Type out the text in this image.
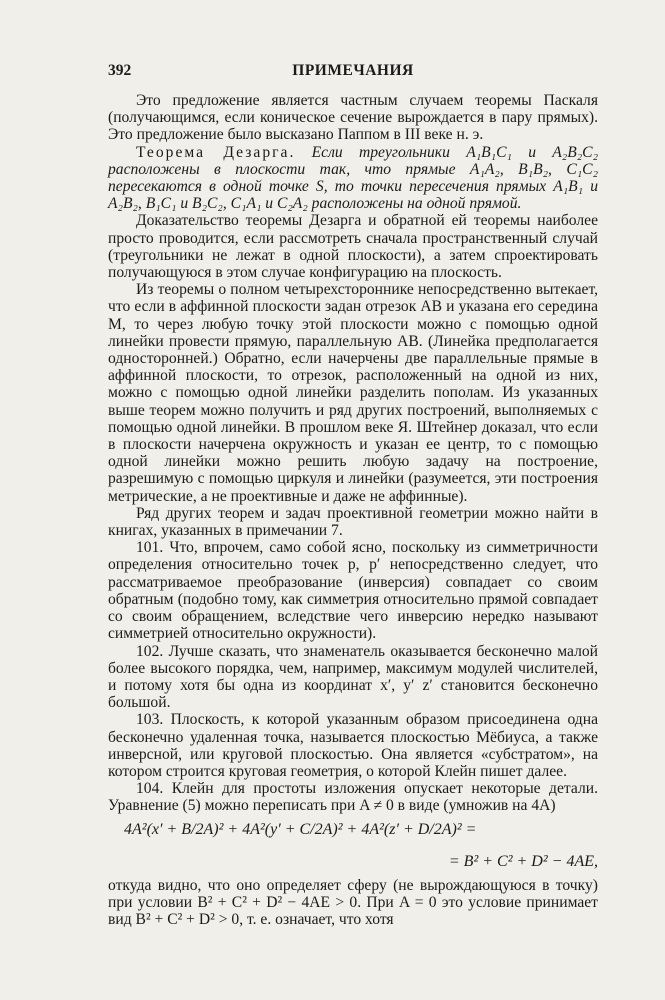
392	ПРИМЕЧАНИЯ

Это предложение является частным случаем теоремы Паскаля (получающимся, если коническое сечение вырождается в пару прямых). Это предложение было высказано Паппом в III веке н. э.

Теорема Дезарга. Если треугольники A₁B₁C₁ и A₂B₂C₂ расположены в плоскости так, что прямые A₁A₂, B₁B₂, C₁C₂ пересекаются в одной точке S, то точки пересечения прямых A₁B₁ и A₂B₂, B₁C₁ и B₂C₂, C₁A₁ и C₂A₂ расположены на одной прямой.

Доказательство теоремы Дезарга и обратной ей теоремы наиболее просто проводится, если рассмотреть сначала пространственный случай (треугольники не лежат в одной плоскости), а затем спроектировать получающуюся в этом случае конфигурацию на плоскость.

Из теоремы о полном четырехстороннике непосредственно вытекает, что если в аффинной плоскости задан отрезок AB и указана его середина M, то через любую точку этой плоскости можно с помощью одной линейки провести прямую, параллельную AB. (Линейка предполагается односторонней.) Обратно, если начерчены две параллельные прямые в аффинной плоскости, то отрезок, расположенный на одной из них, можно с помощью одной линейки разделить пополам. Из указанных выше теорем можно получить и ряд других построений, выполняемых с помощью одной линейки. В прошлом веке Я. Штейнер доказал, что если в плоскости начерчена окружность и указан ее центр, то с помощью одной линейки можно решить любую задачу на построение, разрешимую с помощью циркуля и линейки (разумеется, эти построения метрические, а не проективные и даже не аффинные).

Ряд других теорем и задач проективной геометрии можно найти в книгах, указанных в примечании 7.

101. Что, впрочем, само собой ясно, поскольку из симметричности определения относительно точек p, p′ непосредственно следует, что рассматриваемое преобразование (инверсия) совпадает со своим обратным (подобно тому, как симметрия относительно прямой совпадает со своим обращением, вследствие чего инверсию нередко называют симметрией относительно окружности).

102. Лучше сказать, что знаменатель оказывается бесконечно малой более высокого порядка, чем, например, максимум модулей числителей, и потому хотя бы одна из координат x′, y′ z′ становится бесконечно большой.

103. Плоскость, к которой указанным образом присоединена одна бесконечно удаленная точка, называется плоскостью Мёбиуса, а также инверсной, или круговой плоскостью. Она является «субстратом», на котором строится круговая геометрия, о которой Клейн пишет далее.

104. Клейн для простоты изложения опускает некоторые детали. Уравнение (5) можно переписать при A ≠ 0 в виде (умножив на 4A)

4A²(x′ + B/2A)² + 4A²(y′ + C/2A)² + 4A²(z′ + D/2A)² =
= B² + C² + D² − 4AE,

откуда видно, что оно определяет сферу (не вырождающуюся в точку) при условии B² + C² + D² − 4AE > 0. При A = 0 это условие принимает вид B² + C² + D² > 0, т. е. означает, что хотя
